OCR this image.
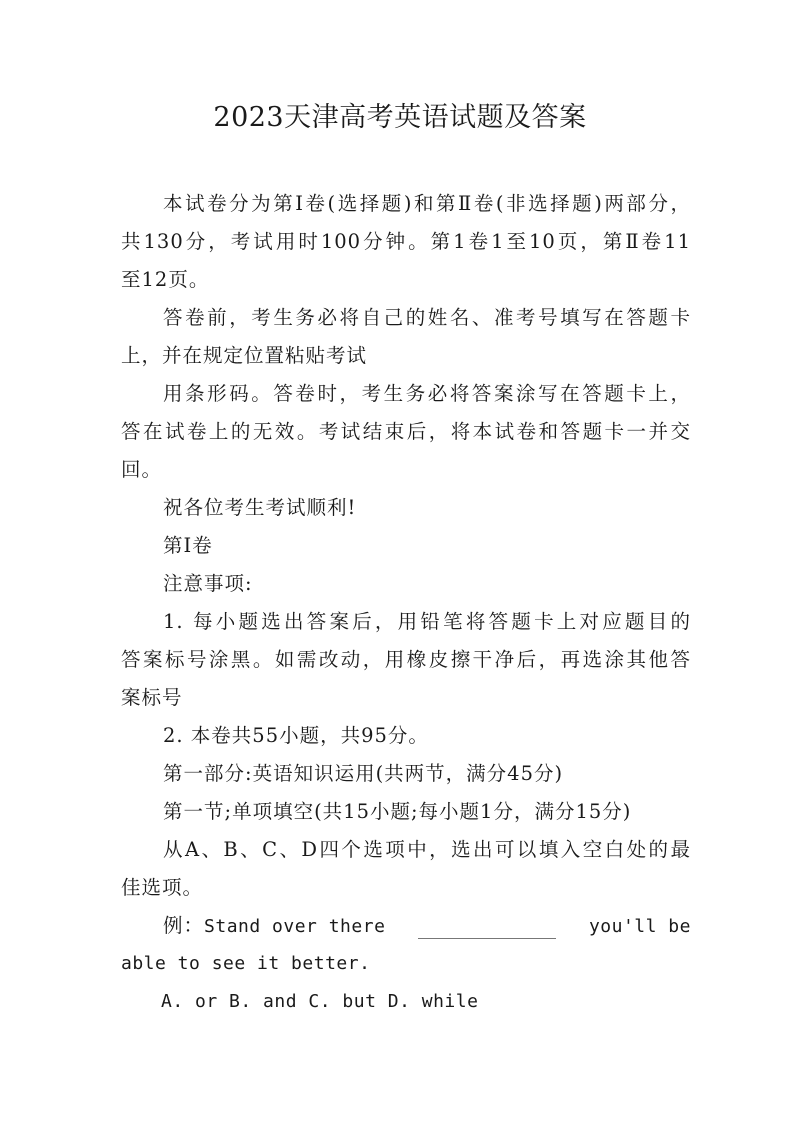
2023天津高考英语试题及答案
本试卷分为第Ⅰ卷(选择题)和第Ⅱ卷(非选择题)两部分，
共130分，考试用时100分钟。第1卷1至10页，第Ⅱ卷11
至12页。
答卷前，考生务必将自己的姓名、准考号填写在答题卡
上，并在规定位置粘贴考试
用条形码。答卷时，考生务必将答案涂写在答题卡上，
答在试卷上的无效。考试结束后，将本试卷和答题卡一并交
回。
祝各位考生考试顺利!
第Ⅰ卷
注意事项:
1. 每小题选出答案后，用铅笔将答题卡上对应题目的
答案标号涂黑。如需改动，用橡皮擦干净后，再选涂其他答
案标号
2. 本卷共55小题，共95分。
第一部分:英语知识运用(共两节，满分45分)
第一节;单项填空(共15小题;每小题1分，满分15分)
从A、B、C、D四个选项中，选出可以填入空白处的最
佳选项。
例：Stand over there	you'll be
able to see it better.
A. or B. and C. but D. while
